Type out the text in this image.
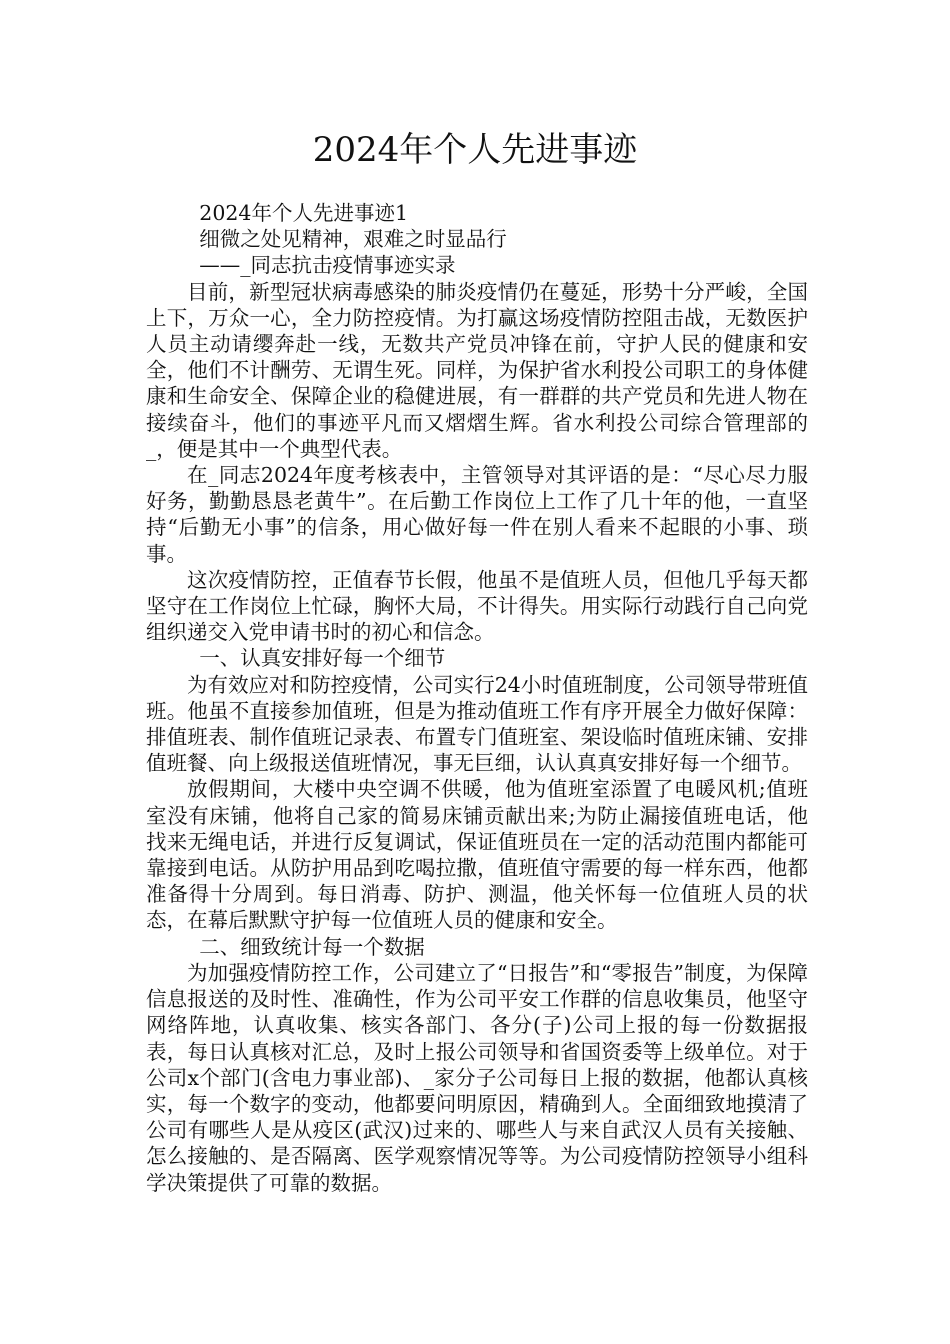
2024年个人先进事迹

2024年个人先进事迹1

细微之处见精神，艰难之时显品行

——_同志抗击疫情事迹实录

目前，新型冠状病毒感染的肺炎疫情仍在蔓延，形势十分严峻，全国上下，万众一心，全力防控疫情。为打赢这场疫情防控阻击战，无数医护人员主动请缨奔赴一线，无数共产党员冲锋在前，守护人民的健康和安全，他们不计酬劳、无谓生死。同样，为保护省水利投公司职工的身体健康和生命安全、保障企业的稳健进展，有一群群的共产党员和先进人物在接续奋斗，他们的事迹平凡而又熠熠生辉。省水利投公司综合管理部的_，便是其中一个典型代表。

在_同志2024年度考核表中，主管领导对其评语的是：“尽心尽力服好务，勤勤恳恳老黄牛”。在后勤工作岗位上工作了几十年的他，一直坚持“后勤无小事”的信条，用心做好每一件在别人看来不起眼的小事、琐事。

这次疫情防控，正值春节长假，他虽不是值班人员，但他几乎每天都坚守在工作岗位上忙碌，胸怀大局，不计得失。用实际行动践行自己向党组织递交入党申请书时的初心和信念。

一、认真安排好每一个细节

为有效应对和防控疫情，公司实行24小时值班制度，公司领导带班值班。他虽不直接参加值班，但是为推动值班工作有序开展全力做好保障：排值班表、制作值班记录表、布置专门值班室、架设临时值班床铺、安排值班餐、向上级报送值班情况，事无巨细，认认真真安排好每一个细节。

放假期间，大楼中央空调不供暖，他为值班室添置了电暖风机;值班室没有床铺，他将自己家的简易床铺贡献出来;为防止漏接值班电话，他找来无绳电话，并进行反复调试，保证值班员在一定的活动范围内都能可靠接到电话。从防护用品到吃喝拉撒，值班值守需要的每一样东西，他都准备得十分周到。每日消毒、防护、测温，他关怀每一位值班人员的状态，在幕后默默守护每一位值班人员的健康和安全。

二、细致统计每一个数据

为加强疫情防控工作，公司建立了“日报告”和“零报告”制度，为保障信息报送的及时性、准确性，作为公司平安工作群的信息收集员，他坚守网络阵地，认真收集、核实各部门、各分(子)公司上报的每一份数据报表，每日认真核对汇总，及时上报公司领导和省国资委等上级单位。对于公司x个部门(含电力事业部)、_家分子公司每日上报的数据，他都认真核实，每一个数字的变动，他都要问明原因，精确到人。全面细致地摸清了公司有哪些人是从疫区(武汉)过来的、哪些人与来自武汉人员有关接触、怎么接触的、是否隔离、医学观察情况等等。为公司疫情防控领导小组科学决策提供了可靠的数据。
